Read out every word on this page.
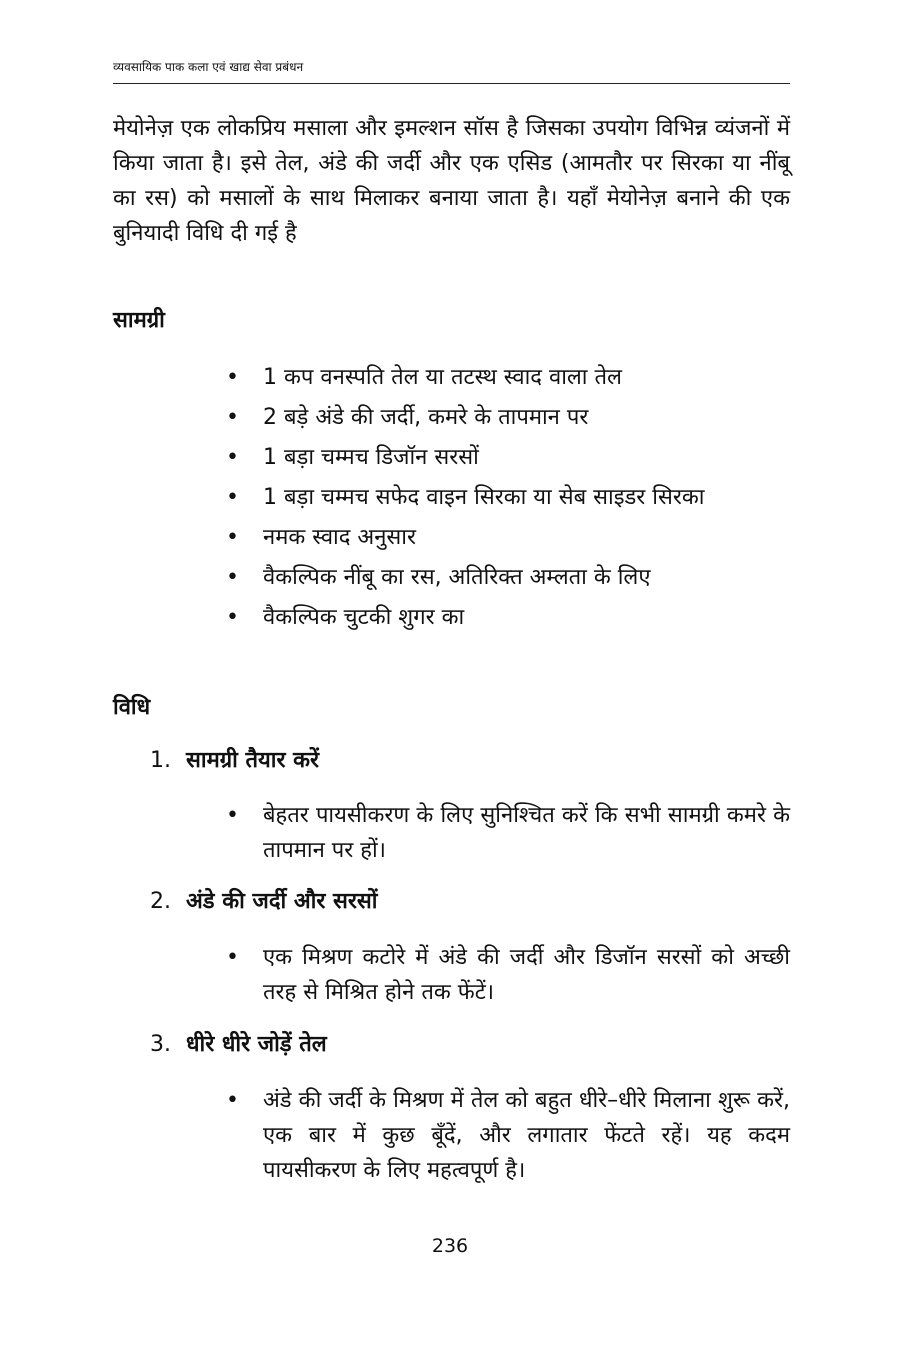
व्यवसायिक पाक कला एवं खाद्य सेवा प्रबंधन

मेयोनेज़ एक लोकप्रिय मसाला और इमल्शन सॉस है जिसका उपयोग विभिन्न व्यंजनों में किया जाता है। इसे तेल, अंडे की जर्दी और एक एसिड (आमतौर पर सिरका या नींबू का रस) को मसालों के साथ मिलाकर बनाया जाता है। यहाँ मेयोनेज़ बनाने की एक बुनियादी विधि दी गई है

सामग्री
•	1 कप वनस्पति तेल या तटस्थ स्वाद वाला तेल
•	2 बड़े अंडे की जर्दी, कमरे के तापमान पर
•	1 बड़ा चम्मच डिजॉन सरसों
•	1 बड़ा चम्मच सफेद वाइन सिरका या सेब साइडर सिरका
•	नमक स्वाद अनुसार
•	वैकल्पिक नींबू का रस, अतिरिक्त अम्लता के लिए
•	वैकल्पिक चुटकी शुगर का
विधि
1. सामग्री तैयार करें
•	बेहतर पायसीकरण के लिए सुनिश्चित करें कि सभी सामग्री कमरे के तापमान पर हों।
2. अंडे की जर्दी और सरसों
•	एक मिश्रण कटोरे में अंडे की जर्दी और डिजॉन सरसों को अच्छी तरह से मिश्रित होने तक फेंटें।
3. धीरे धीरे जोड़ें तेल
•	अंडे की जर्दी के मिश्रण में तेल को बहुत धीरे–धीरे मिलाना शुरू करें, एक बार में कुछ बूँदें, और लगातार फेंटते रहें। यह कदम पायसीकरण के लिए महत्वपूर्ण है।
236
